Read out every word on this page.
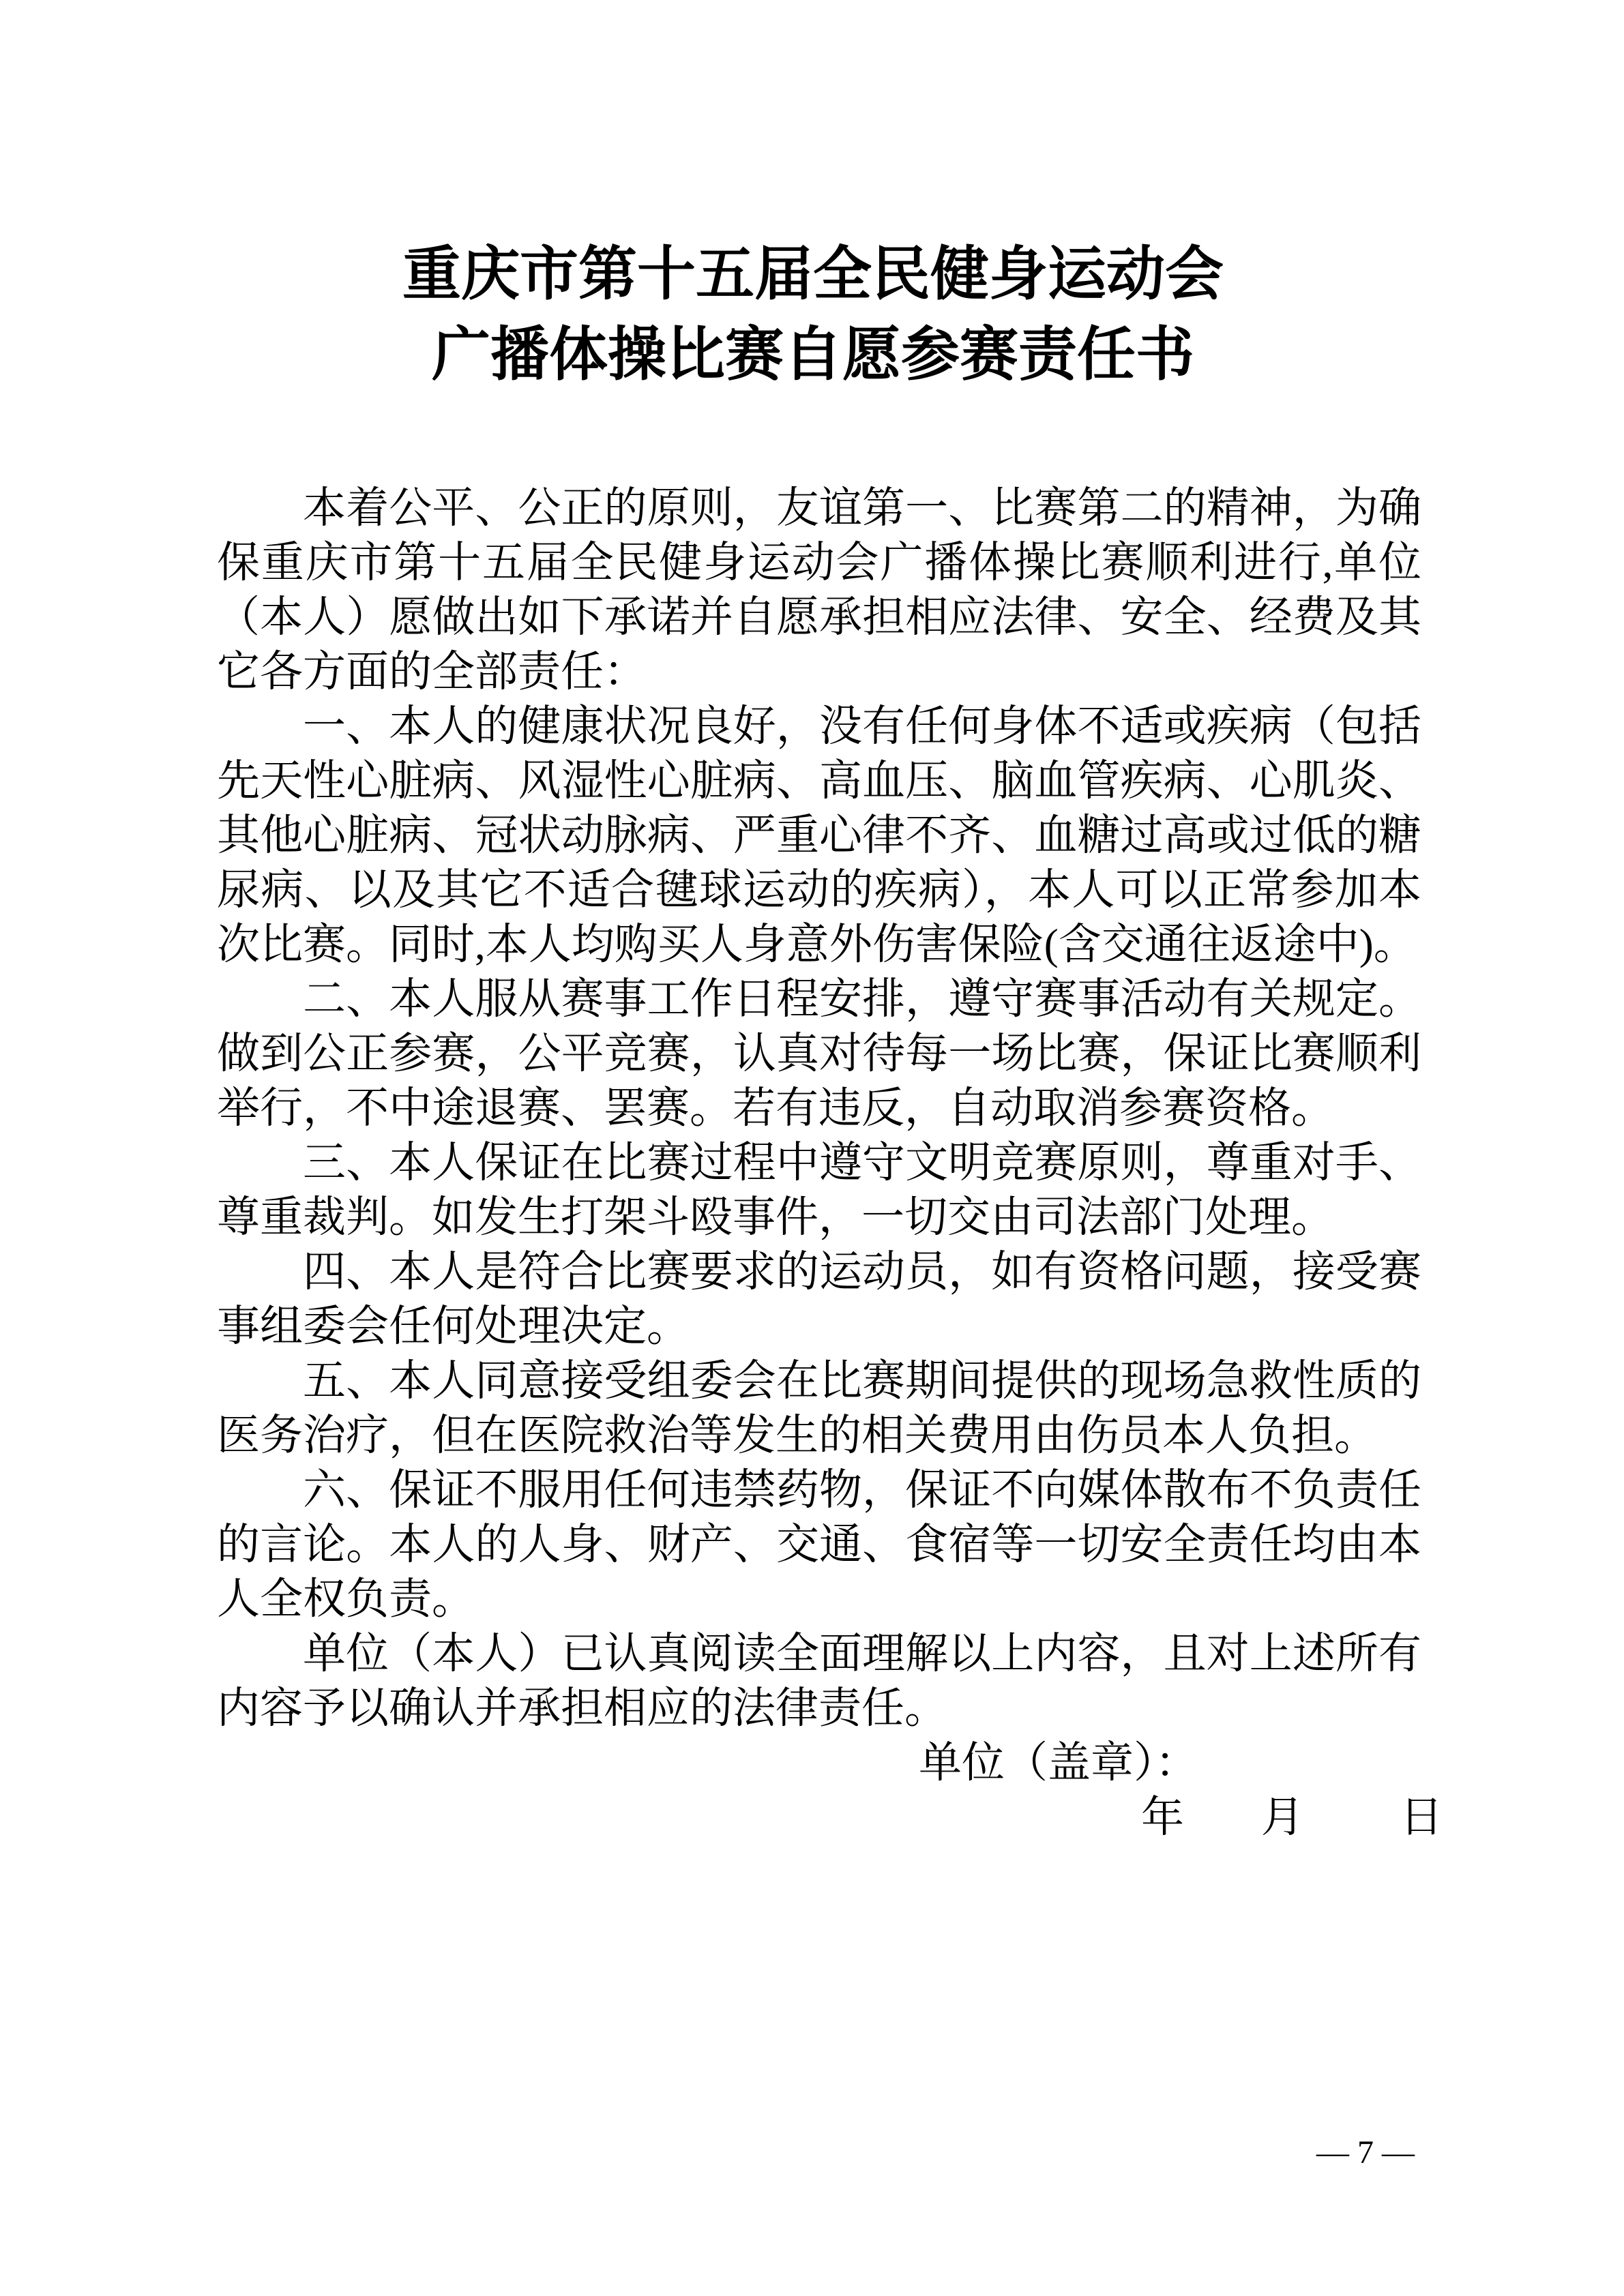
重庆市第十五届全民健身运动会
广播体操比赛自愿参赛责任书

本着公平、公正的原则，友谊第一、比赛第二的精神，为确保重庆市第十五届全民健身运动会广播体操比赛顺利进行,单位（本人）愿做出如下承诺并自愿承担相应法律、安全、经费及其它各方面的全部责任：

一、本人的健康状况良好，没有任何身体不适或疾病（包括先天性心脏病、风湿性心脏病、高血压、脑血管疾病、心肌炎、其他心脏病、冠状动脉病、严重心律不齐、血糖过高或过低的糖尿病、以及其它不适合毽球运动的疾病），本人可以正常参加本次比赛。同时,本人均购买人身意外伤害保险(含交通往返途中)。

二、本人服从赛事工作日程安排，遵守赛事活动有关规定。做到公正参赛，公平竞赛，认真对待每一场比赛，保证比赛顺利举行，不中途退赛、罢赛。若有违反，自动取消参赛资格。

三、本人保证在比赛过程中遵守文明竞赛原则，尊重对手、尊重裁判。如发生打架斗殴事件，一切交由司法部门处理。

四、本人是符合比赛要求的运动员，如有资格问题，接受赛事组委会任何处理决定。

五、本人同意接受组委会在比赛期间提供的现场急救性质的医务治疗，但在医院救治等发生的相关费用由伤员本人负担。

六、保证不服用任何违禁药物，保证不向媒体散布不负责任的言论。本人的人身、财产、交通、食宿等一切安全责任均由本人全权负责。

单位（本人）已认真阅读全面理解以上内容，且对上述所有内容予以确认并承担相应的法律责任。

单位（盖章）：
年 月 日
— 7 —
